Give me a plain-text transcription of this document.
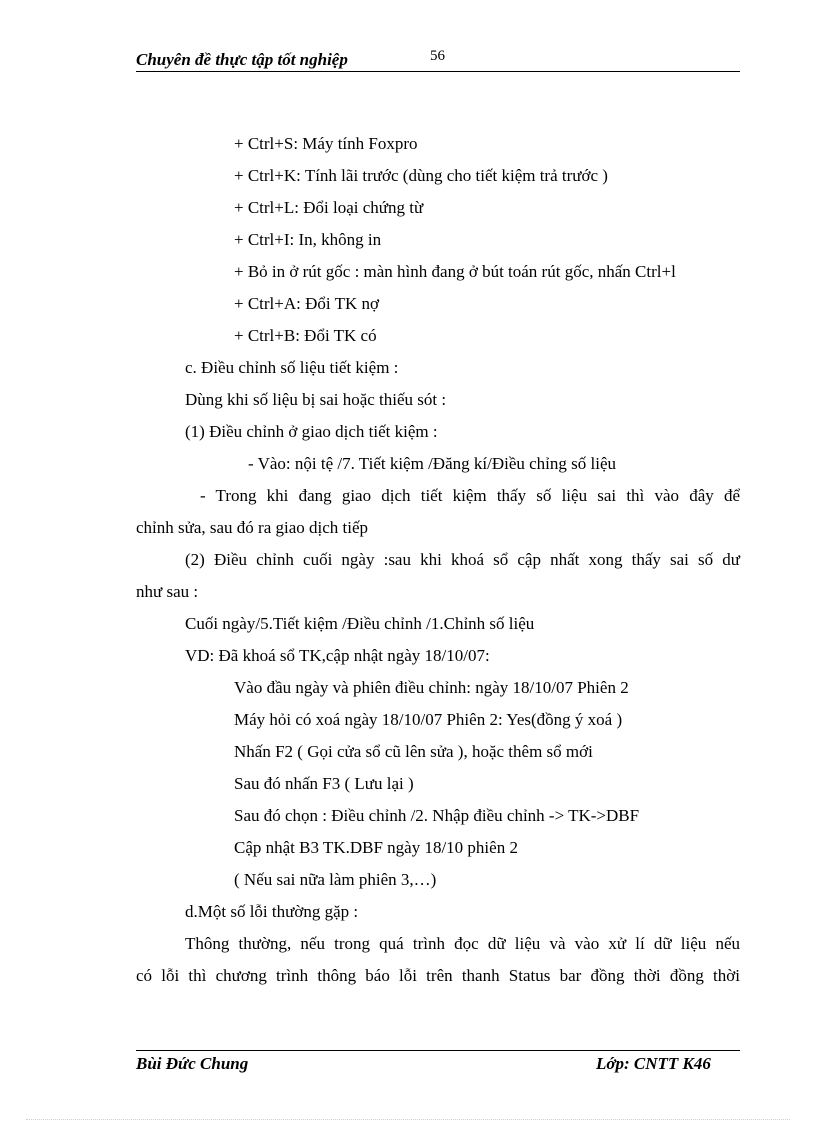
Chuyên đề thực tập tốt nghiệp	56
+ Ctrl+S: Máy tính Foxpro
+ Ctrl+K: Tính lãi trước (dùng cho tiết kiệm trả trước )
+ Ctrl+L: Đổi loại chứng từ
+ Ctrl+I: In, không in
+ Bỏ in ở rút gốc : màn hình đang ở bút toán rút gốc, nhấn Ctrl+l
+ Ctrl+A: Đổi TK nợ
+ Ctrl+B: Đổi TK có
c. Điều chỉnh số liệu tiết kiệm :
Dùng khi số liệu bị sai hoặc thiếu sót :
(1) Điều chỉnh ở giao dịch tiết kiệm :
- Vào: nội tệ /7. Tiết kiệm /Đăng kí/Điều chỉng số liệu
- Trong khi đang giao dịch tiết kiệm thấy số liệu sai thì vào đây để
chỉnh sửa, sau đó ra giao dịch tiếp
(2) Điều chỉnh cuối ngày :sau khi khoá sổ cập nhất xong thấy sai số dư
như sau :
Cuối ngày/5.Tiết kiệm /Điều chỉnh /1.Chỉnh số liệu
VD: Đã khoá sổ TK,cập nhật ngày 18/10/07:
Vào đầu ngày và phiên điều chỉnh: ngày 18/10/07 Phiên 2
Máy hỏi có xoá ngày 18/10/07 Phiên 2: Yes(đồng ý xoá )
Nhấn F2 ( Gọi cửa sổ cũ lên sửa ), hoặc thêm sổ mới
Sau đó nhấn F3 ( Lưu lại )
Sau đó chọn : Điều chỉnh /2. Nhập điều chỉnh -> TK->DBF
Cập nhật B3 TK.DBF ngày 18/10 phiên 2
( Nếu sai nữa làm phiên 3,…)
d.Một số lỗi thường gặp :
Thông thường, nếu trong quá trình đọc dữ liệu và vào xử lí dữ liệu nếu
có lỗi thì chương trình thông báo lỗi trên thanh Status bar đồng thời đồng thời
Bùi Đức Chung	Lớp: CNTT K46
